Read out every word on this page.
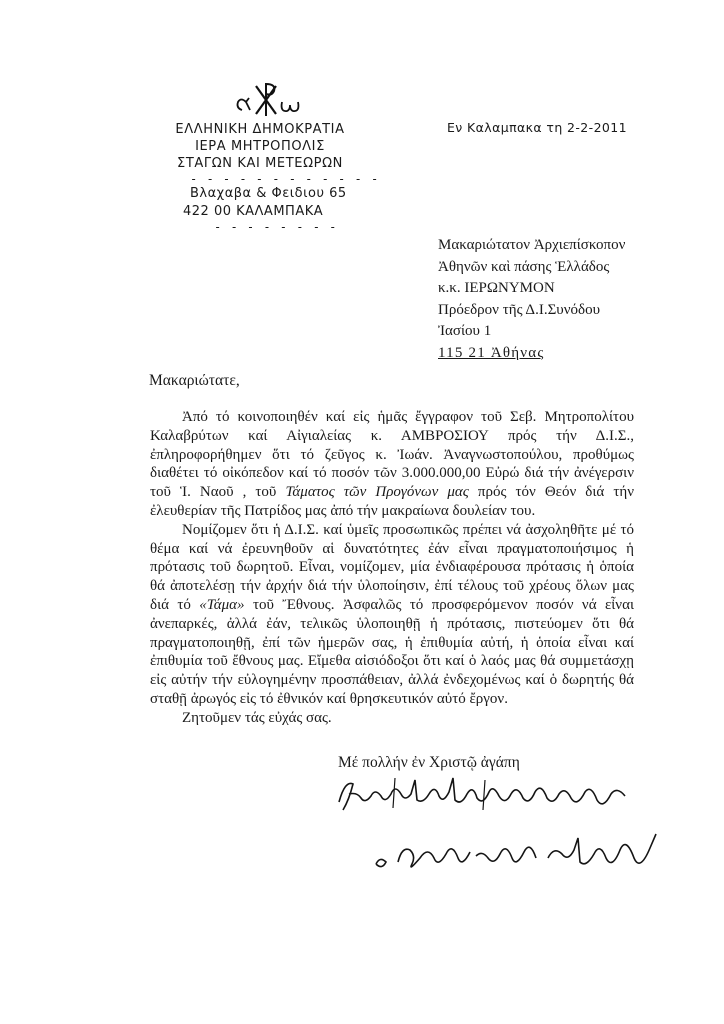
ΕΛΛΗΝΙΚΗ ΔΗΜΟΚΡΑΤΙΑ
ΙΕΡΑ ΜΗΤΡΟΠΟΛΙΣ
ΣΤΑΓΩΝ ΚΑΙ ΜΕΤΕΩΡΩΝ
- - - - - - - - - - - -
Βλαχαβα & Φειδιου 65
422 00 ΚΑΛΑΜΠΑΚΑ
- - - - - - - -
Εν Καλαμπακα τη 2-2-2011
Μακαριώτατον Ἀρχιεπίσκοπον
Ἀθηνῶν καὶ πάσης Ἑλλάδος
κ.κ. ΙΕΡΩΝΥΜΟΝ
Πρόεδρον τῆς Δ.Ι.Συνόδου
Ἰασίου 1
115 21 Ἀθήνας
Μακαριώτατε,

Ἀπό τό κοινοποιηθέν καί εἰς ἡμᾶς ἔγγραφον τοῦ Σεβ. Μητροπολίτου Καλαβρύτων καί Αἰγιαλείας κ. ΑΜΒΡΟΣΙΟΥ πρός τήν Δ.Ι.Σ., ἐπληροφορήθημεν ὅτι τό ζεῦγος κ. Ἰωάν. Ἀναγνωστοπούλου, προθύμως διαθέτει τό οἰκόπεδον καί τό ποσόν τῶν 3.000.000,00 Εὐρώ διά τήν ἀνέγερσιν τοῦ Ἱ. Ναοῦ , τοῦ Τάματος τῶν Προγόνων μας πρός τόν Θεόν διά τήν ἐλευθερίαν τῆς Πατρίδος μας ἀπό τήν μακραίωνα δουλείαν του.

Νομίζομεν ὅτι ἡ Δ.Ι.Σ. καί ὑμεῖς προσωπικῶς πρέπει νά ἀσχοληθῆτε μέ τό θέμα καί νά ἐρευνηθοῦν αἱ δυνατότητες ἐάν εἶναι πραγματοποιήσιμος ἡ πρότασις τοῦ δωρητοῦ. Εἶναι, νομίζομεν, μία ἐνδιαφέρουσα πρότασις ἡ ὁποία θά ἀποτελέσῃ τήν ἀρχήν διά τήν ὑλοποίησιν, ἐπί τέλους τοῦ χρέους ὅλων μας διά τό «Τάμα» τοῦ Ἔθνους. Ἀσφαλῶς τό προσφερόμενον ποσόν νά εἶναι ἀνεπαρκές, ἀλλά ἐάν, τελικῶς ὑλοποιηθῇ ἡ πρότασις, πιστεύομεν ὅτι θά πραγματοποιηθῇ, ἐπί τῶν ἡμερῶν σας, ἡ ἐπιθυμία αὐτή, ἡ ὁποία εἶναι καί ἐπιθυμία τοῦ ἔθνους μας. Εἴμεθα αἰσιόδοξοι ὅτι καί ὁ λαός μας θά συμμετάσχῃ εἰς αὐτήν τήν εὐλογημένην προσπάθειαν, ἀλλά ἐνδεχομένως καί ὁ δωρητής θά σταθῇ ἀρωγός εἰς τό ἐθνικόν καί θρησκευτικόν αὐτό ἔργον.

Ζητοῦμεν τάς εὐχάς σας.

Μέ πολλήν ἐν Χριστῷ ἀγάπη
